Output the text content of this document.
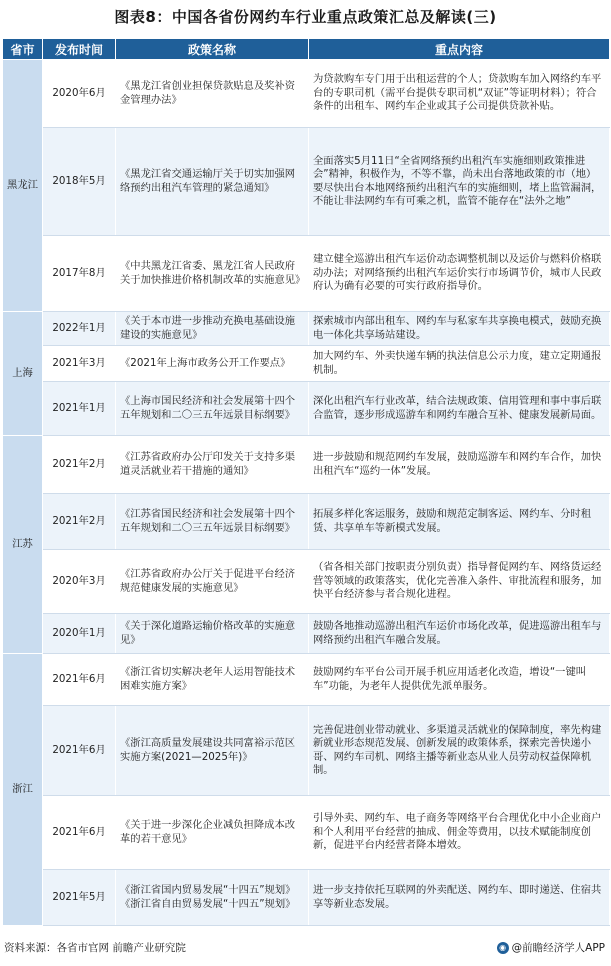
图表8：中国各省份网约车行业重点政策汇总及解读(三)
省市	发布时间	政策名称	重点内容
黑龙江	2020年6月	《黑龙江省创业担保贷款贴息及奖补资金管理办法》	为贷款购车专门用于出租运营的个人；贷款购车加入网络约车平台的专职司机（需平台提供专职司机“双证”等证明材料）；符合条件的出租车、网约车企业或其子公司提供贷款补贴。
	2018年5月	《黑龙江省交通运输厅关于切实加强网络预约出租汽车管理的紧急通知》	全面落实5月11日“全省网络预约出租汽车实施细则政策推进会”精神，积极作为，不等不靠，尚未出台落地政策的市（地）要尽快出台本地网络预约出租汽车的实施细则，堵上监管漏洞，不能让非法网约车有可乘之机，监管不能存在“法外之地”
	2017年8月	《中共黑龙江省委、黑龙江省人民政府关于加快推进价格机制改革的实施意见》	建立健全巡游出租汽车运价动态调整机制以及运价与燃料价格联动办法；对网络预约出租汽车运价实行市场调节价，城市人民政府认为确有必要的可实行政府指导价。
上海	2022年1月	《关于本市进一步推动充换电基础设施建设的实施意见》	探索城市内部出租车、网约车与私家车共享换电模式，鼓励充换电一体化共享场站建设。
	2021年3月	《2021年上海市政务公开工作要点》	加大网约车、外卖快递车辆的执法信息公示力度，建立定期通报机制。
	2021年1月	《上海市国民经济和社会发展第十四个五年规划和二〇三五年远景目标纲要》	深化出租汽车行业改革，结合法规政策、信用管理和事中事后联合监管，逐步形成巡游车和网约车融合互补、健康发展新局面。
江苏	2021年2月	《江苏省政府办公厅印发关于支持多渠道灵活就业若干措施的通知》	进一步鼓励和规范网约车发展，鼓励巡游车和网约车合作，加快出租汽车“巡约一体”发展。
	2021年2月	《江苏省国民经济和社会发展第十四个五年规划和二〇三五年远景目标纲要》	拓展多样化客运服务，鼓励和规范定制客运、网约车、分时租赁、共享单车等新模式发展。
	2020年3月	《江苏省政府办公厅关于促进平台经济规范健康发展的实施意见》	（省各相关部门按职责分别负责）指导督促网约车、网络货运经营等领域的政策落实，优化完善准入条件、审批流程和服务，加快平台经济参与者合规化进程。
	2020年1月	《关于深化道路运输价格改革的实施意见》	鼓励各地推动巡游出租汽车运价市场化改革，促进巡游出租车与网络预约出租汽车融合发展。
浙江	2021年6月	《浙江省切实解决老年人运用智能技术困难实施方案》	鼓励网约车平台公司开展手机应用适老化改造，增设“一键叫车”功能，为老年人提供优先派单服务。
	2021年6月	《浙江高质量发展建设共同富裕示范区实施方案(2021—2025年)》	完善促进创业带动就业、多渠道灵活就业的保障制度，率先构建新就业形态规范发展、创新发展的政策体系，探索完善快递小哥、网约车司机、网络主播等新业态从业人员劳动权益保障机制。
	2021年6月	《关于进一步深化企业减负担降成本改革的若干意见》	引导外卖、网约车、电子商务等网络平台合理优化中小企业商户和个人利用平台经营的抽成、佣金等费用，以技术赋能制度创新，促进平台内经营者降本增效。
	2021年5月	《浙江省国内贸易发展“十四五”规划》《浙江省自由贸易发展“十四五”规划》	进一步支持依托互联网的外卖配送、网约车、即时递送、住宿共享等新业态发展。
资料来源：各省市官网 前瞻产业研究院	◉ @前瞻经济学人APP
